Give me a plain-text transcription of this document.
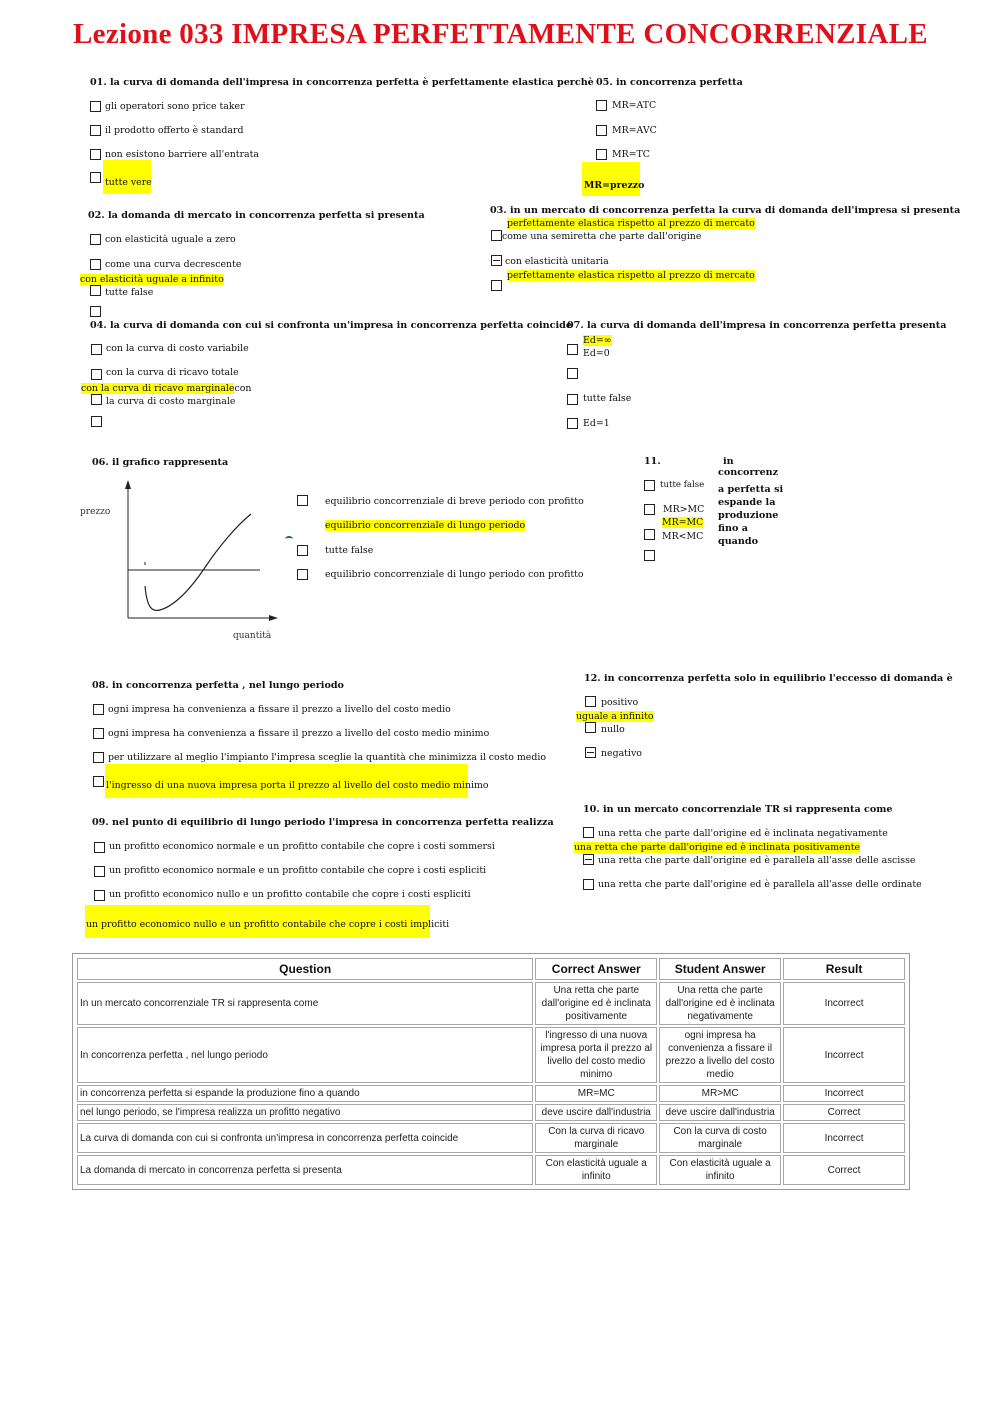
Lezione 033 IMPRESA PERFETTAMENTE CONCORRENZIALE
01. la curva di domanda dell'impresa in concorrenza perfetta è perfettamente elastica perchè
gli operatori sono price taker
il prodotto offerto è standard
non esistono barriere all'entrata
tutte vere
05. in concorrenza perfetta
MR=ATC
MR=AVC
MR=TC
MR=prezzo
02. la domanda di mercato in concorrenza perfetta si presenta
con elasticità uguale a zero
come una curva decrescente
con elasticità uguale a infinito
tutte false
03. in un mercato di concorrenza perfetta la curva di domanda dell'impresa si presenta
perfettamente elastica rispetto al prezzo di mercato
come una semiretta che parte dall'origine
con elasticità unitaria
perfettamente elastica rispetto al prezzo di mercato
04. la curva di domanda con cui si confronta un'impresa in concorrenza perfetta coincide
con la curva di costo variabile
con la curva di ricavo totale
con la curva di ricavo marginalecon
la curva di costo marginale
07. la curva di domanda dell'impresa in concorrenza perfetta presenta
Ed=∞
Ed=0
tutte false
Ed=1
06. il grafico rappresenta
prezzo
quantità
equilibrio concorrenziale di breve periodo con profitto
equilibrio concorrenziale di lungo periodo
tutte false
equilibrio concorrenziale di lungo periodo con profitto
11.	in
concorrenz
a perfetta si
espande la
produzione
fino a
quando
tutte false
MR>MC
MR=MC
MR<MC
08. in concorrenza perfetta , nel lungo periodo
ogni impresa ha convenienza a fissare il prezzo a livello del costo medio
ogni impresa ha convenienza a fissare il prezzo a livello del costo medio minimo
per utilizzare al meglio l'impianto l'impresa sceglie la quantità che minimizza il costo medio
l'ingresso di una nuova impresa porta il prezzo al livello del costo medio minimo
12. in concorrenza perfetta solo in equilibrio l'eccesso di domanda è
positivo
uguale a infinito
nullo
negativo
10. in un mercato concorrenziale TR si rappresenta come
una retta che parte dall'origine ed è inclinata negativamente
una retta che parte dall'origine ed è inclinata positivamente
una retta che parte dall'origine ed è parallela all'asse delle ascisse
una retta che parte dall'origine ed è parallela all'asse delle ordinate
09. nel punto di equilibrio di lungo periodo l'impresa in concorrenza perfetta realizza
un profitto economico normale e un profitto contabile che copre i costi sommersi
un profitto economico normale e un profitto contabile che copre i costi espliciti
un profitto economico nullo e un profitto contabile che copre i costi espliciti
un profitto economico nullo e un profitto contabile che copre i costi impliciti
Question	Correct Answer	Student Answer	Result
In un mercato concorrenziale TR si rappresenta come	Una retta che parte dall'origine ed è inclinata positivamente	Una retta che parte dall'origine ed è inclinata negativamente	Incorrect
In concorrenza perfetta , nel lungo periodo	l'ingresso di una nuova impresa porta il prezzo al livello del costo medio minimo	ogni impresa ha convenienza a fissare il prezzo a livello del costo medio	Incorrect
in concorrenza perfetta si espande la produzione fino a quando	MR=MC	MR>MC	Incorrect
nel lungo periodo, se l'impresa realizza un profitto negativo	deve uscire dall'industria	deve uscire dall'industria	Correct
La curva di domanda con cui si confronta un'impresa in concorrenza perfetta coincide	Con la curva di ricavo marginale	Con la curva di costo marginale	Incorrect
La domanda di mercato in concorrenza perfetta si presenta	Con elasticità uguale a infinito	Con elasticità uguale a infinito	Correct
